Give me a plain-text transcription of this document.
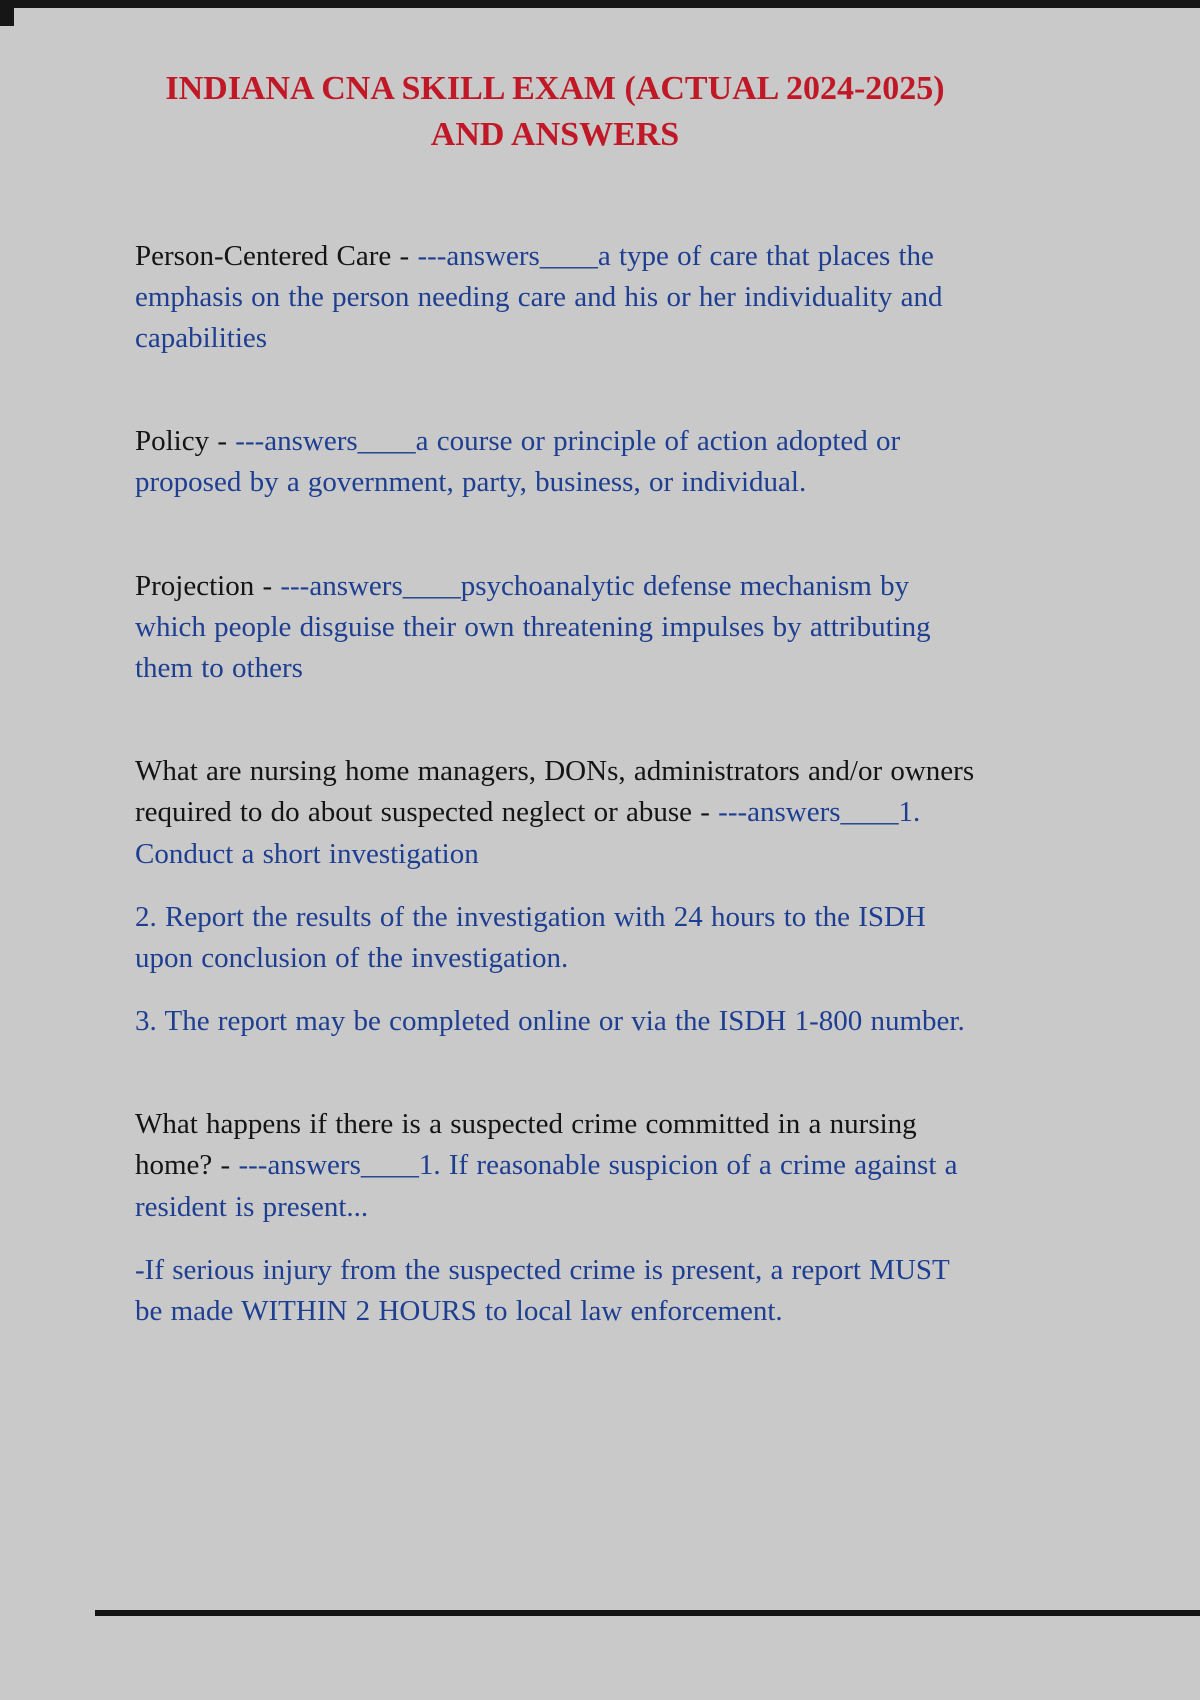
INDIANA CNA SKILL EXAM (ACTUAL 2024-2025) AND ANSWERS

Person-Centered Care - ---answers____a type of care that places the emphasis on the person needing care and his or her individuality and capabilities

Policy - ---answers____a course or principle of action adopted or proposed by a government, party, business, or individual.

Projection - ---answers____psychoanalytic defense mechanism by which people disguise their own threatening impulses by attributing them to others

What are nursing home managers, DONs, administrators and/or owners required to do about suspected neglect or abuse - ---answers____1. Conduct a short investigation

2. Report the results of the investigation with 24 hours to the ISDH upon conclusion of the investigation.

3. The report may be completed online or via the ISDH 1-800 number.

What happens if there is a suspected crime committed in a nursing home? - ---answers____1. If reasonable suspicion of a crime against a resident is present...

-If serious injury from the suspected crime is present, a report MUST be made WITHIN 2 HOURS to local law enforcement.
